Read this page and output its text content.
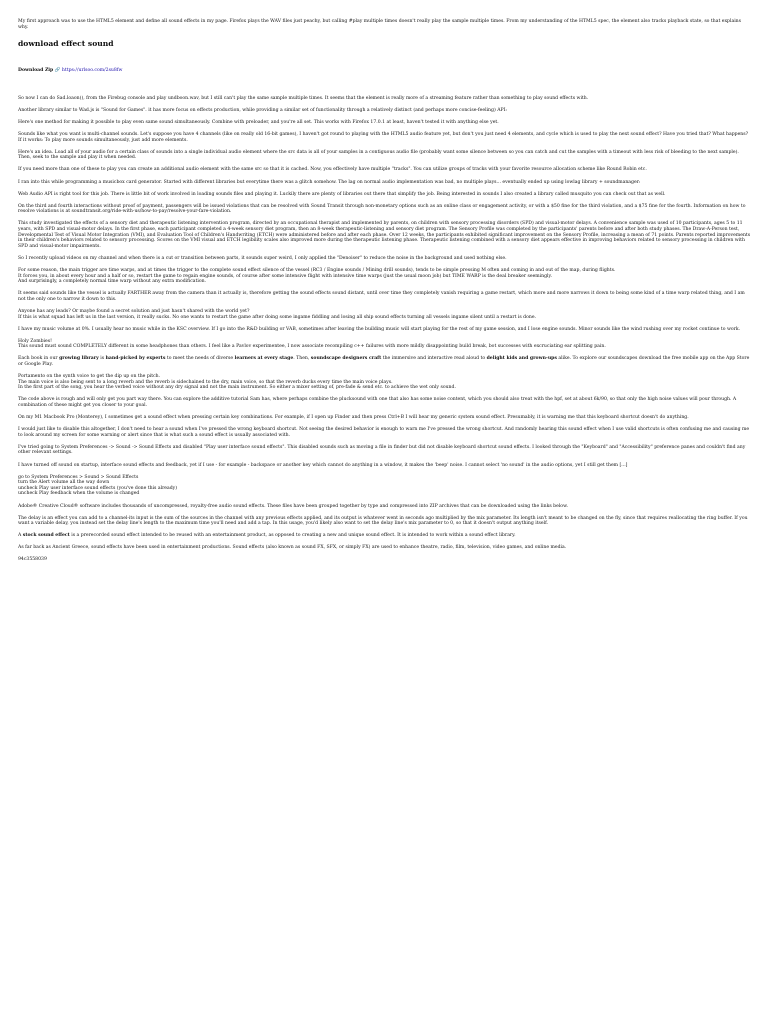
My first approach was to use the HTML5 element and define all sound effects in my page. Firefox plays the WAV files just peachy, but calling #play multiple times doesn't really play the sample multiple times. From my understanding of the HTML5 spec, the element also tracks playback state, so that explains why.

download effect sound
Download Zip 🔗 https://urlsoo.com/2su8fw

So now I can do Sad.loaon(), from the Firebug console and play undboon.wav, but I still can't play the same sample multiple times. It seems that the element is really more of a streaming feature rather than something to play sound effects with.

Another library similar to Wad.js is "Sound for Games". it has more focus on effects production, while providing a similar set of functionality through a relatively distinct (and perhaps more concise-feeling) API:

Here's one method for making it possible to play even same sound simultaneously. Combine with preloader, and you're all set. This works with Firefox 17.0.1 at least, haven't tested it with anything else yet.

Sounds like what you want is multi-channel sounds. Let's suppose you have 4 channels (like on really old 16-bit games), I haven't got round to playing with the HTML5 audio feature yet, but don't you just need 4 elements, and cycle which is used to play the next sound effect? Have you tried that? What happens? If it works: To play more sounds simultaneously, just add more elements.

Here's an idea. Load all of your audio for a certain class of sounds into a single individual audio element where the src data is all of your samples in a contiguous audio file (probably want some silence between so you can catch and cut the samples with a timeout with less risk of bleeding to the next sample). Then, seek to the sample and play it when needed.

If you need more than one of these to play you can create an additional audio element with the same src so that it is cached. Now, you effectively have multiple "tracks". You can utilize groups of tracks with your favorite resource allocation scheme like Round Robin etc.

I ran into this while programming a musicbox card generator. Started with different libraries but everytime there was a glitch somehow. The lag on normal audio implementation was bad, no multiple plays... eventually ended up using lowlag library + soundmanager:

Web Audio API is right tool for this job. There is little bit of work involved in loading sounds files and playing it. Luckily there are plenty of libraries out there that simplify the job. Being interested in sounds I also created a library called musquito you can check out that as well.

On the third and fourth interactions without proof of payment, passengers will be issued violations that can be resolved with Sound Transit through non-monetary options such as an online class or engagement activity, or with a $50 fine for the third violation, and a $75 fine for the fourth. Information on how to resolve violations is at soundtransit.org/ride-with-us/how-to-pay/resolve-your-fare-violation.

This study investigated the effects of a sensory diet and therapeutic listening intervention program, directed by an occupational therapist and implemented by parents, on children with sensory processing disorders (SPD) and visual-motor delays. A convenience sample was used of 10 participants, ages 5 to 11 years, with SPD and visual-motor delays. In the first phase, each participant completed a 4-week sensory diet program, then an 8-week therapeutic-listening and sensory diet program. The Sensory Profile was completed by the participants' parents before and after both study phases. The Draw-A-Person test, Developmental Test of Visual Motor Integration (VMI), and Evaluation Tool of Children's Handwriting (ETCH) were administered before and after each phase. Over 12 weeks, the participants exhibited significant improvement on the Sensory Profile, increasing a mean of 71 points. Parents reported improvements in their children's behaviors related to sensory processing. Scores on the VMI visual and ETCH legibility scales also improved more during the therapeutic listening phase. Therapeutic listening combined with a sensory diet appears effective in improving behaviors related to sensory processing in children with SPD and visual-motor impairments.

So I recently upload videos on my channel and when there is a cut or transition between parts, it sounds super weird, I only applied the "Denoiser" to reduce the noise in the background and used nothing else.

For some reason, the main trigger are time warps, and at times the trigger to the complete sound effect silence of the vessel (RC3 / Engine sounds / Mining drill sounds), tends to be simple pressing M often and coming in and out of the map, during flights.
It forces you, in about every hour and a half or so, restart the game to regain engine sounds, of course after some intensive flight with intensive time warps (just the usual moon job) but TIME WARP is the deal breaker seemingly.
And surprisingly, a completely normal time warp without any extra modification.

It seems said sounds like the vessel is actually FARTHER away from the camera than it actually is, therefore getting the sound effects sound distant, until over time they completely vanish requiring a game restart, which more and more narrows it down to being some kind of a time warp related thing, and I am not the only one to narrow it down to this.

Anyone has any leads? Or maybe found a secret solution and just hasn't shared with the world yet?
If this is what squad has left us in the last version, it really sucks. No one wants to restart the game after doing some ingame fiddling and losing all ship sound effects turning all vessels ingame silent until a restart is done.

I have my music volume at 0%. I usually hear no music while in the KSC overview. If I go into the R&D building or VAB, sometimes after leaving the building music will start playing for the rest of my game session, and I lose engine sounds. Minor sounds like the wind rushing over my rocket continue to work.

Holy Zombies!
This sound must sound COMPLETELY different in some headphones than others. I feel like a Pavlov experimentee, I now associate recompiling c++ failures with more mildly disappointing build break, bot successes with excruciating ear splitting pain.

Each book in our growing library is hand-picked by experts to meet the needs of diverse learners at every stage. Then, soundscape designers craft the immersive and interactive read aloud to delight kids and grown-ups alike. To explore our soundscapes download the free mobile app on the App Store or Google Play.

Portamento on the synth voice to get the dip up on the pitch.
The main voice is also being sent to a long reverb and the reverb is sidechained to the dry, main voice, so that the reverb ducks every time the main voice plays.
In the first part of the song, you hear the verbed voice without any dry signal and not the main instrument. So either a mixer setting of, pre-fade & send etc. to achieve the wet only sound.

The code above is rough and will only get you part way there. You can explore the additive tutorial Sam has, where perhaps combine the plucksound with one that also has some noise content, which you should also treat with the hpf, set at about 6k/90, so that only the high noise values will pour through. A combination of these might get you closer to your goal.

On my M1 Macbook Pro (Monterey), I sometimes get a sound effect when pressing certain key combinations. For example, if I open up Finder and then press Ctrl+B I will hear my generic system sound effect. Presumably, it is warning me that this keyboard shortcut doesn't do anything.

I would just like to disable this altogether, I don't need to hear a sound when I've pressed the wrong keyboard shortcut. Not seeing the desired behavior is enough to warn me I've pressed the wrong shortcut. And randomly hearing this sound effect when I use valid shortcuts is often confusing me and causing me to look around my screen for some warning or alert since that is what such a sound effect is usually associated with.

I've tried going to System Preferences -> Sound -> Sound Effects and disabled "Play user interface sound effects". This disabled sounds such as moving a file in finder but did not disable keyboard shortcut sound effects. I looked through the "Keyboard" and "Accessibility" preference panes and couldn't find any other relevant settings.

I have turned off sound on startup, interface sound effects and feedback, yet if I use - for example - backspace or another key which cannot do anything in a window, it makes the 'beep' noise. I cannot select 'no sound' in the audio options, yet I still get them [...]

go to System Preferences > Sound > Sound Effects
turn the Alert volume all the way down
uncheck Play user interface sound effects (you've done this already)
uncheck Play feedback when the volume is changed

Adobe® Creative Cloud® software includes thousands of uncompressed, royalty-free audio sound effects. These files have been grouped together by type and compressed into ZIP archives that can be downloaded using the links below.

The delay is an effect you can add to a channel-its input is the sum of the sources in the channel with any previous effects applied, and its output is whatever went in seconds ago multiplied by the mix parameter. Its length isn't meant to be changed on the fly, since that requires reallocating the ring buffer. If you want a variable delay, you instead set the delay line's length to the maximum time you'll need and add a tap. In this usage, you'd likely also want to set the delay line's mix parameter to 0, so that it doesn't output anything itself.

A stock sound effect is a prerecorded sound effect intended to be reused with an entertainment product, as opposed to creating a new and unique sound effect. It is intended to work within a sound effect library.

As far back as Ancient Greece, sound effects have been used in entertainment productions. Sound effects (also known as sound FX, SFX, or simply FX) are used to enhance theatre, radio, film, television, video games, and online media.

94c3558039
